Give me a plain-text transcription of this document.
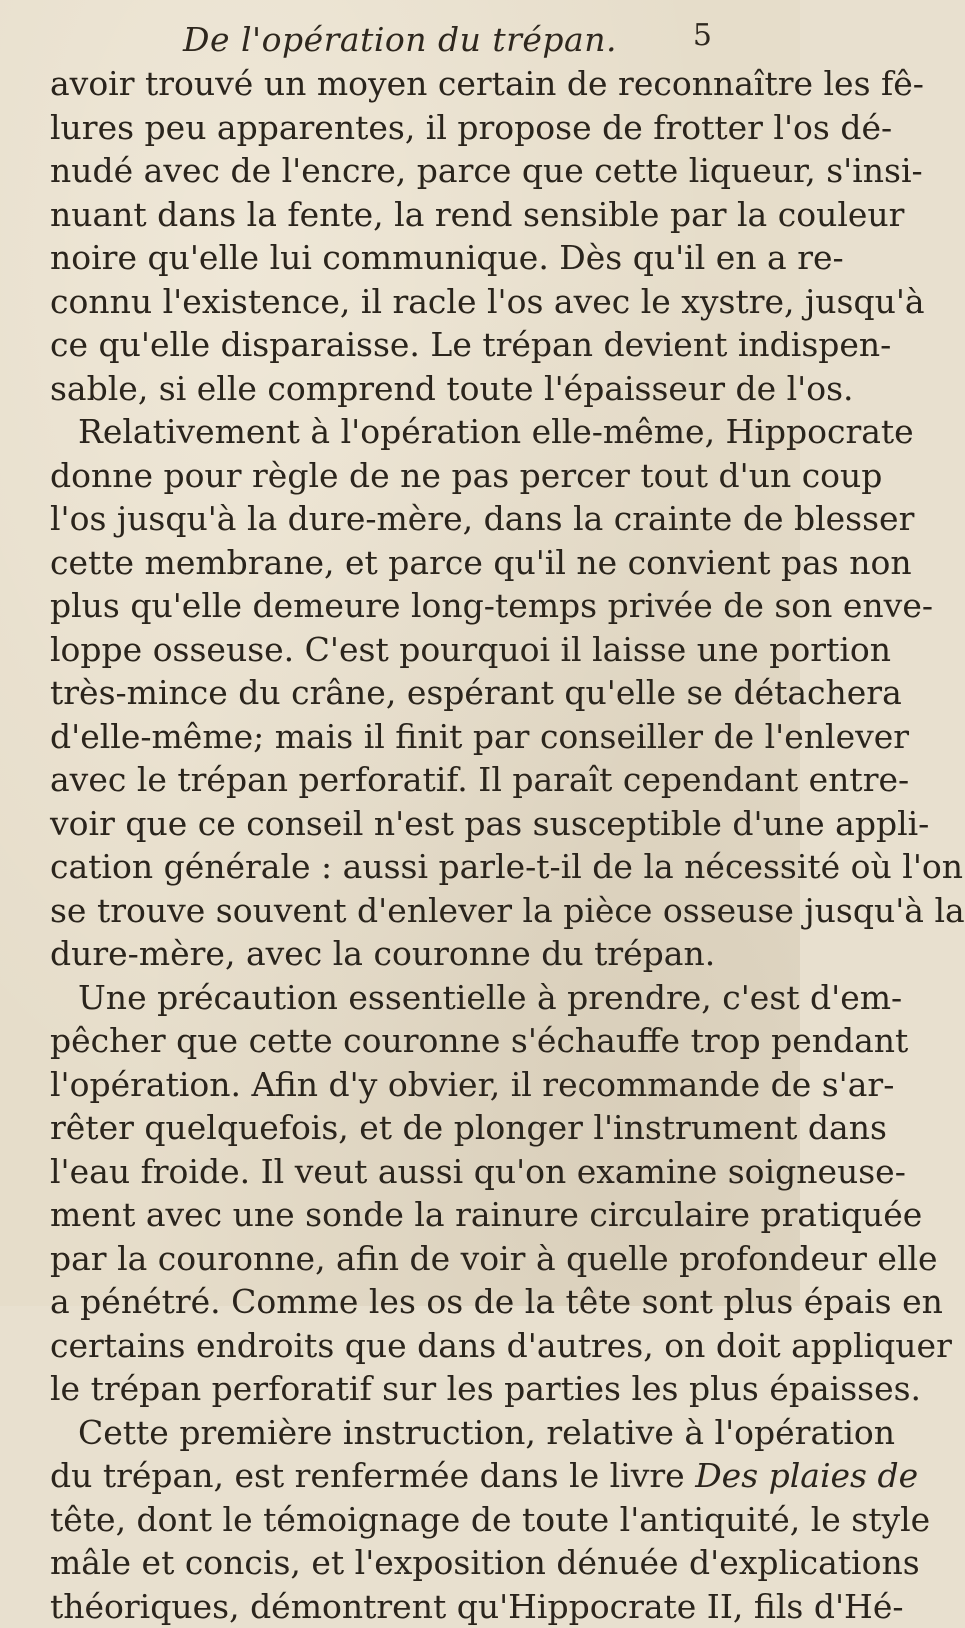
De l'opération du trépan.	5
avoir trouvé un moyen certain de reconnaître les fê-
lures peu apparentes, il propose de frotter l'os dé-
nudé avec de l'encre, parce que cette liqueur, s'insi-
nuant dans la fente, la rend sensible par la couleur
noire qu'elle lui communique. Dès qu'il en a re-
connu l'existence, il racle l'os avec le xystre, jusqu'à
ce qu'elle disparaisse. Le trépan devient indispen-
sable, si elle comprend toute l'épaisseur de l'os.
Relativement à l'opération elle-même, Hippocrate
donne pour règle de ne pas percer tout d'un coup
l'os jusqu'à la dure-mère, dans la crainte de blesser
cette membrane, et parce qu'il ne convient pas non
plus qu'elle demeure long-temps privée de son enve-
loppe osseuse. C'est pourquoi il laisse une portion
très-mince du crâne, espérant qu'elle se détachera
d'elle-même; mais il finit par conseiller de l'enlever
avec le trépan perforatif. Il paraît cependant entre-
voir que ce conseil n'est pas susceptible d'une appli-
cation générale : aussi parle-t-il de la nécessité où l'on
se trouve souvent d'enlever la pièce osseuse jusqu'à la
dure-mère, avec la couronne du trépan.
Une précaution essentielle à prendre, c'est d'em-
pêcher que cette couronne s'échauffe trop pendant
l'opération. Afin d'y obvier, il recommande de s'ar-
rêter quelquefois, et de plonger l'instrument dans
l'eau froide. Il veut aussi qu'on examine soigneuse-
ment avec une sonde la rainure circulaire pratiquée
par la couronne, afin de voir à quelle profondeur elle
a pénétré. Comme les os de la tête sont plus épais en
certains endroits que dans d'autres, on doit appliquer
le trépan perforatif sur les parties les plus épaisses.
Cette première instruction, relative à l'opération
du trépan, est renfermée dans le livre Des plaies de
tête, dont le témoignage de toute l'antiquité, le style
mâle et concis, et l'exposition dénuée d'explications
théoriques, démontrent qu'Hippocrate II, fils d'Hé-
